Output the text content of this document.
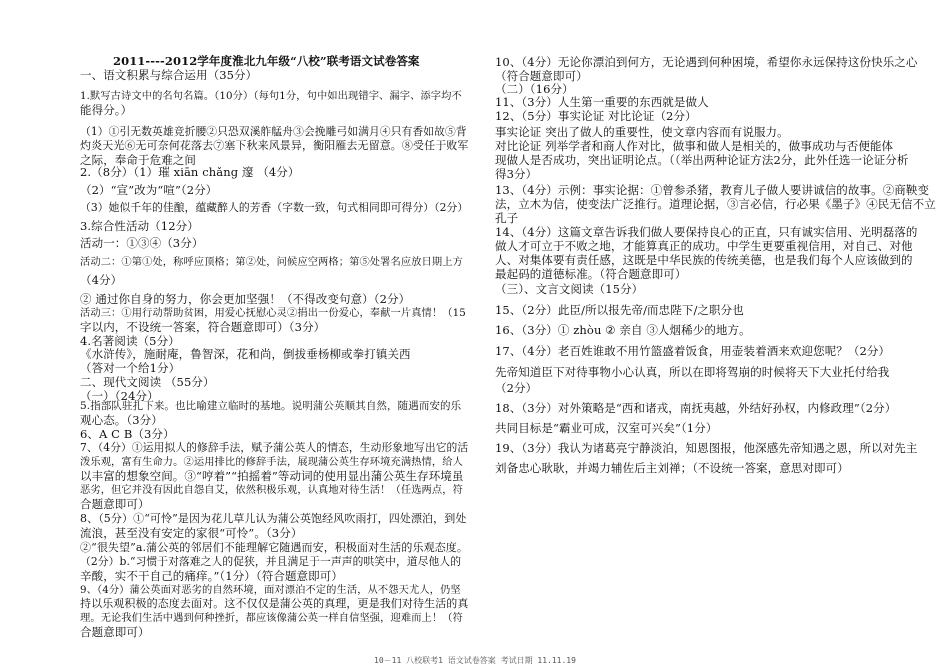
2011----2012学年度淮北九年级“八校”联考语文试卷答案
一、语文积累与综合运用（35分）
1.默写古诗文中的名句名篇。（10分）（每句1分，句中如出现错字、漏字、添字均不
能得分。）
（1）①引无数英雄竞折腰②只恐双溪舴艋舟③会挽雕弓如满月④只有香如故⑤背
灼炎天光⑥无可奈何花落去⑦塞下秋来风景异，衡阳雁去无留意。⑧受任于败军
之际，奉命于危难之间
2.（8分）（1）璀 xiān chǎng 邃 （4分）
（2）“宣”改为“喧”（2分）
（3）她似千年的佳酿，蕴藏醉人的芳香（字数一致，句式相同即可得分）（2分）
3.综合性活动（12分）
活动一：①③④（3分）
活动二：①第①处，称呼应顶格；第②处，问候应空两格；第⑤处署名应放日期上方
（4分）
② 通过你自身的努力，你会更加坚强！（不得改变句意）（2分）
活动三：①用行动帮助贫困，用爱心抚慰心灵②捐出一份爱心，奉献一片真情！（15
字以内，不设统一答案，符合题意即可）（3分）
4.名著阅读（5分）
《水浒传》，施耐庵，鲁智深，花和尚，倒拔垂杨柳或拳打镇关西
（答对一个给1分）
二、现代文阅读 （55分）
（一）（24分）
5.指部队驻扎下来。也比喻建立临时的基地。说明蒲公英顺其自然，随遇而安的乐
观心态。（3分）
6、A C B（3分）
7、（4分）①运用拟人的修辞手法，赋予蒲公英人的情态，生动形象地写出它的活
泼乐观，富有生命力。②运用排比的修辞手法，展现蒲公英生存环境充满热情，给人
以丰富的想象空间。③“哼着”“拍摇着”等动词的使用显出蒲公英生存环境虽
恶劣，但它并没有因此自怨自艾，依然积极乐观，认真地对待生活！（任选两点，符
合题意即可）
8、（5分）①“可怜”是因为花儿草儿认为蒲公英饱经风吹雨打，四处漂泊，到处
流浪，甚至没有安定的家很“可怜”。（3分）
②“很失望”a.蒲公英的邻居们不能理解它随遇而安，积极面对生活的乐观态度。
（2分）b.“习惯于对落难之人的促狭，并且满足于一声声的哄笑中，道尽他人的
辛酸，实不干自己的痛痒。”（1分）（符合题意即可）
9、（4分）蒲公英面对恶劣的自然环境，面对漂泊不定的生活，从不怨天尤人，仍坚
持以乐观积极的态度去面对。这不仅仅是蒲公英的真理，更是我们对待生活的真
理。无论我们生活中遇到何种挫折，都应该像蒲公英一样自信坚强，迎难而上！（符
合题意即可）
10、（4分）无论你漂泊到何方，无论遇到何种困境，希望你永远保持这份快乐之心
（符合题意即可）
（二）（16分）
11、（3分）人生第一重要的东西就是做人
12、（5分）事实论证 对比论证（2分）
事实论证 突出了做人的重要性，使文章内容而有说服力。
对比论证 列举学者和商人作对比，做事和做人是相关的，做事成功与否便能体
现做人是否成功，突出证明论点。（（举出两种论证方法2分，此外任选一论证分析
得3分）
13、（4分）示例：事实论据：①曾参杀猪，教育儿子做人要讲诚信的故事。②商鞅变
法，立木为信，使变法广泛推行。道理论据，③言必信，行必果《墨子》④民无信不立
孔子
14、（4分）这篇文章告诉我们做人要保持良心的正直，只有诚实信用、光明磊落的
做人才可立于不败之地，才能算真正的成功。中学生更要重视信用，对自己、对他
人、对集体要有责任感，这既是中华民族的传统美德，也是我们每个人应该做到的
最起码的道德标准。（符合题意即可）
（三）、文言文阅读（15分）
15、（2分）此臣/所以报先帝/而忠陛下/之职分也
16、（3分）① zhòu ② 亲自 ③人烟稀少的地方。
17、（4分）老百姓谁敢不用竹篮盛着饭食，用壶装着酒来欢迎您呢？（2分）
先帝知道臣下对待事物小心认真，所以在即将驾崩的时候将天下大业托付给我
（2分）
18、（3分）对外策略是“西和诸戎，南抚夷越，外结好孙权，内修政理”（2分）
共同目标是“霸业可成，汉室可兴矣”（1分）
19、（3分）我认为诸葛亮宁静淡泊，知恩图报，他深感先帝知遇之恩，所以对先主
刘备忠心耿耿，并竭力辅佐后主刘禅；（不设统一答案，意思对即可）
10－11 八校联考1 语文试卷答案 考试日期 11.11.19
